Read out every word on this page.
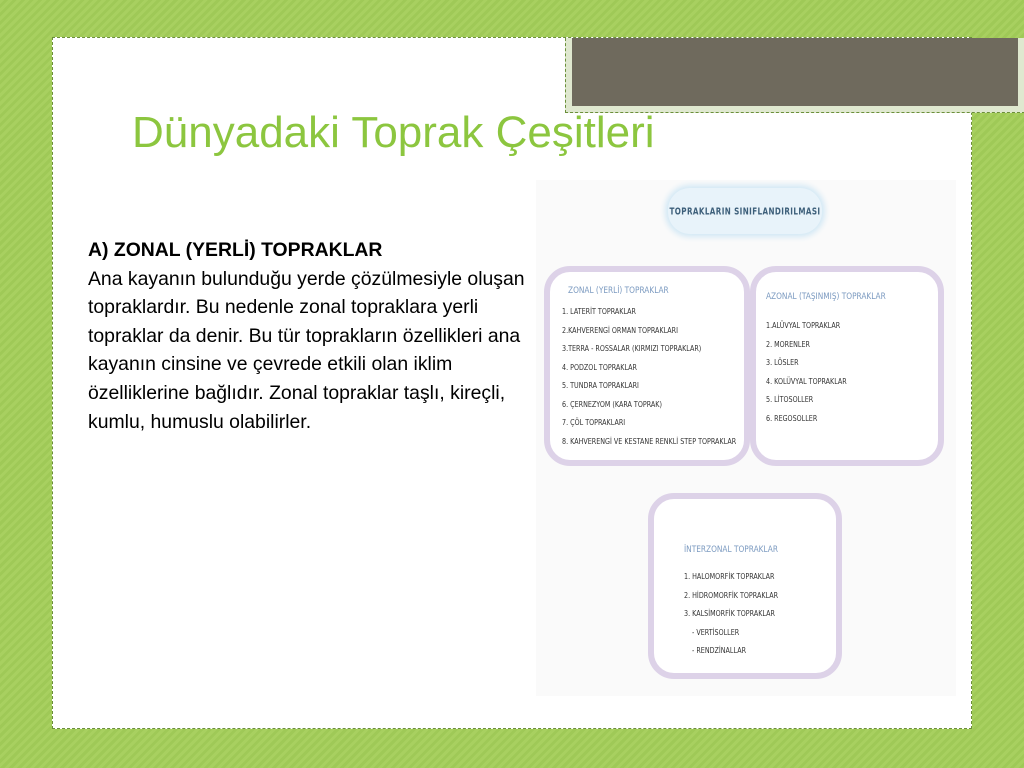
Dünyadaki Toprak Çeşitleri
A) ZONAL (YERLİ) TOPRAKLAR
Ana kayanın bulunduğu yerde çözülmesiyle oluşan topraklardır. Bu nedenle zonal topraklara yerli topraklar da denir. Bu tür toprakların özellikleri ana kayanın cinsine ve çevrede etkili olan iklim özelliklerine bağlıdır. Zonal topraklar taşlı, kireçli, kumlu, humuslu olabilirler.
TOPRAKLARIN SINIFLANDIRILMASI
ZONAL (YERLİ) TOPRAKLAR
1. LATERİT TOPRAKLAR
2.KAHVERENGİ ORMAN TOPRAKLARI
3.TERRA - ROSSALAR (KIRMIZI TOPRAKLAR)
4. PODZOL TOPRAKLAR
5. TUNDRA TOPRAKLARI
6. ÇERNEZYOM (KARA TOPRAK)
7. ÇÖL TOPRAKLARI
8. KAHVERENGİ VE KESTANE RENKLİ STEP TOPRAKLAR
AZONAL (TAŞINMIŞ) TOPRAKLAR
1.ALÜVYAL TOPRAKLAR
2. MORENLER
3. LÖSLER
4. KOLÜVYAL TOPRAKLAR
5. LİTOSOLLER
6. REGOSOLLER
İNTERZONAL TOPRAKLAR
1. HALOMORFİK TOPRAKLAR
2. HİDROMORFİK TOPRAKLAR
3. KALSİMORFİK TOPRAKLAR
- VERTİSOLLER
- RENDZİNALLAR
